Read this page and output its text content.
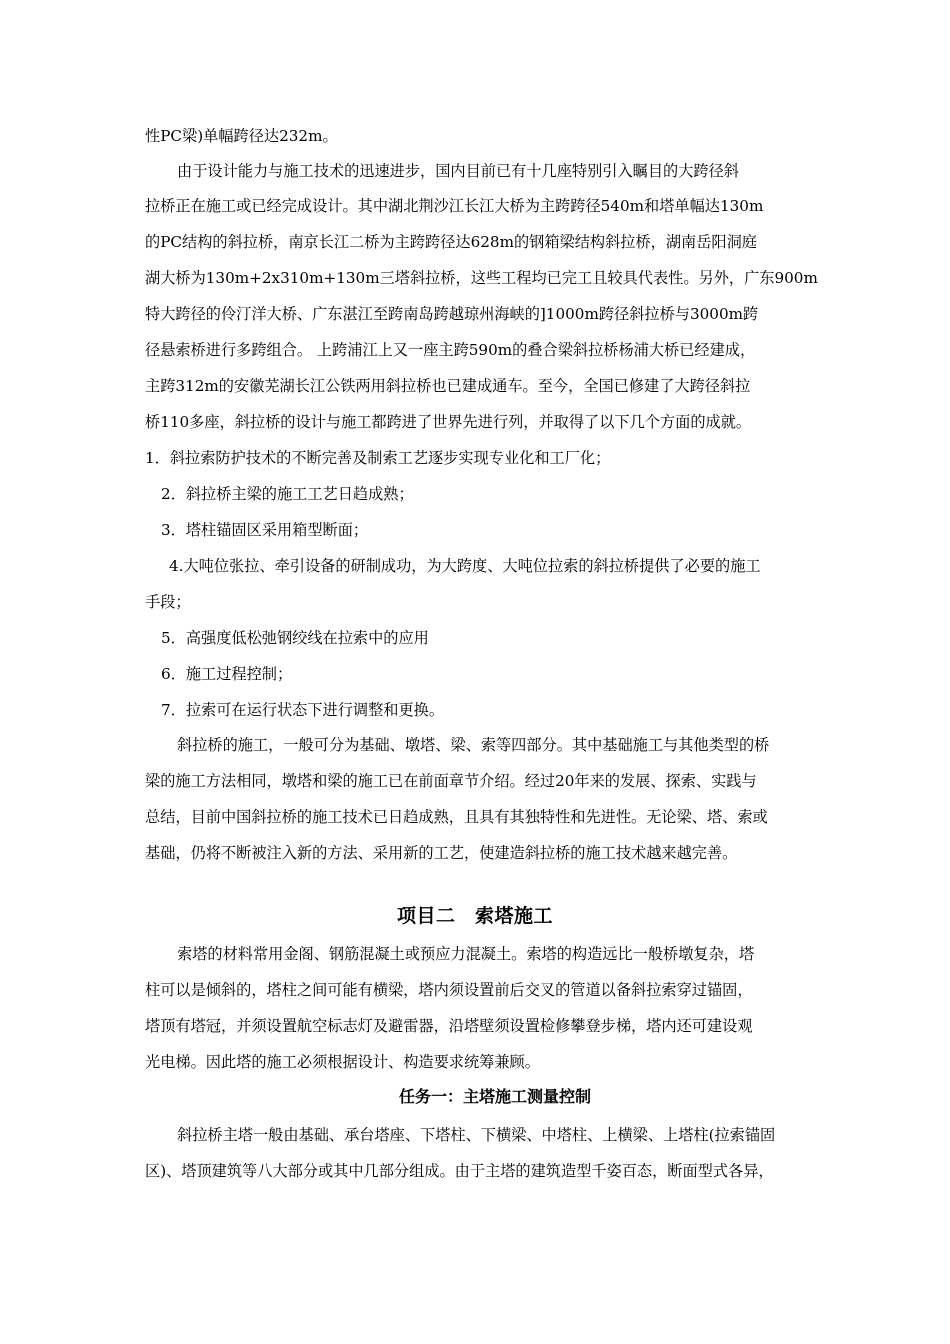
性PC梁)单幅跨径达232m。
由于设计能力与施工技术的迅速进步，国内目前已有十几座特别引入瞩目的大跨径斜
拉桥正在施工或已经完成设计。其中湖北荆沙江长江大桥为主跨跨径540m和塔单幅达130m
的PC结构的斜拉桥，南京长江二桥为主跨跨径达628m的钢箱梁结构斜拉桥，湖南岳阳洞庭
湖大桥为130m+2x310m+130m三塔斜拉桥，这些工程均已完工且较具代表性。另外，广东900m
特大跨径的伶汀洋大桥、广东湛江至跨南岛跨越琼州海峡的]1000m跨径斜拉桥与3000m跨
径悬索桥进行多跨组合。 上跨浦江上又一座主跨590m的叠合梁斜拉桥杨浦大桥已经建成，
主跨312m的安徽芜湖长江公铁两用斜拉桥也已建成通车。至今，全国已修建了大跨径斜拉
桥110多座，斜拉桥的设计与施工都跨进了世界先进行列，并取得了以下几个方面的成就。
1．斜拉索防护技术的不断完善及制索工艺逐步实现专业化和工厂化；
2．斜拉桥主梁的施工工艺日趋成熟；
3．塔柱锚固区采用箱型断面；
4.大吨位张拉、牵引设备的研制成功，为大跨度、大吨位拉索的斜拉桥提供了必要的施工
手段；
5．高强度低松弛钢绞线在拉索中的应用
6．施工过程控制；
7．拉索可在运行状态下进行调整和更换。
斜拉桥的施工，一般可分为基础、墩塔、梁、索等四部分。其中基础施工与其他类型的桥
梁的施工方法相同，墩塔和梁的施工已在前面章节介绍。经过20年来的发展、探索、实践与
总结，目前中国斜拉桥的施工技术已日趋成熟，且具有其独特性和先进性。无论梁、塔、索或
基础，仍将不断被注入新的方法、采用新的工艺，使建造斜拉桥的施工技术越来越完善。
项目二　索塔施工
索塔的材料常用金阁、钢筋混凝土或预应力混凝土。索塔的构造远比一般桥墩复杂，塔
柱可以是倾斜的，塔柱之间可能有横梁，塔内须设置前后交叉的管道以备斜拉索穿过锚固，
塔顶有塔冠，并须设置航空标志灯及避雷器，沿塔壁须设置检修攀登步梯，塔内还可建设观
光电梯。因此塔的施工必须根据设计、构造要求统筹兼顾。
任务一：主塔施工测量控制
斜拉桥主塔一般由基础、承台塔座、下塔柱、下横梁、中塔柱、上横梁、上塔柱(拉索锚固
区)、塔顶建筑等八大部分或其中几部分组成。由于主塔的建筑造型千姿百态，断面型式各异，
